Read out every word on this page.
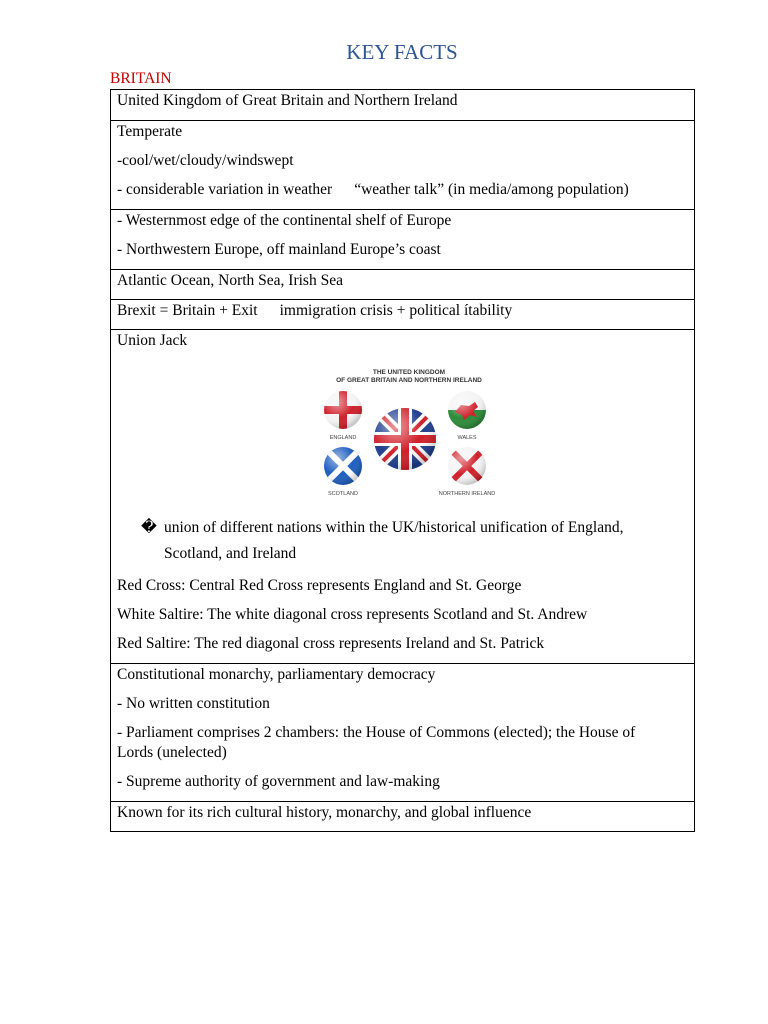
KEY FACTS
BRITAIN

United Kingdom of Great Britain and Northern Ireland

Temperate

-cool/wet/cloudy/windswept

- considerable variation in weather “weather talk” (in media/among population)

- Westernmost edge of the continental shelf of Europe

- Northwestern Europe, off mainland Europe’s coast

Atlantic Ocean, North Sea, Irish Sea

Brexit = Britain + Exit immigration crisis + political ítability

Union Jack

THE UNITED KINGDOM
OF GREAT BRITAIN AND NORTHERN IRELAND
ENGLAND	WALES
SCOTLAND	NORTHERN IRELAND
� union of different nations within the UK/historical unification of England,
Scotland, and Ireland

Red Cross: Central Red Cross represents England and St. George

White Saltire: The white diagonal cross represents Scotland and St. Andrew

Red Saltire: The red diagonal cross represents Ireland and St. Patrick

Constitutional monarchy, parliamentary democracy

- No written constitution

- Parliament comprises 2 chambers: the House of Commons (elected); the House of

Lords (unelected)

- Supreme authority of government and law-making

Known for its rich cultural history, monarchy, and global influence
